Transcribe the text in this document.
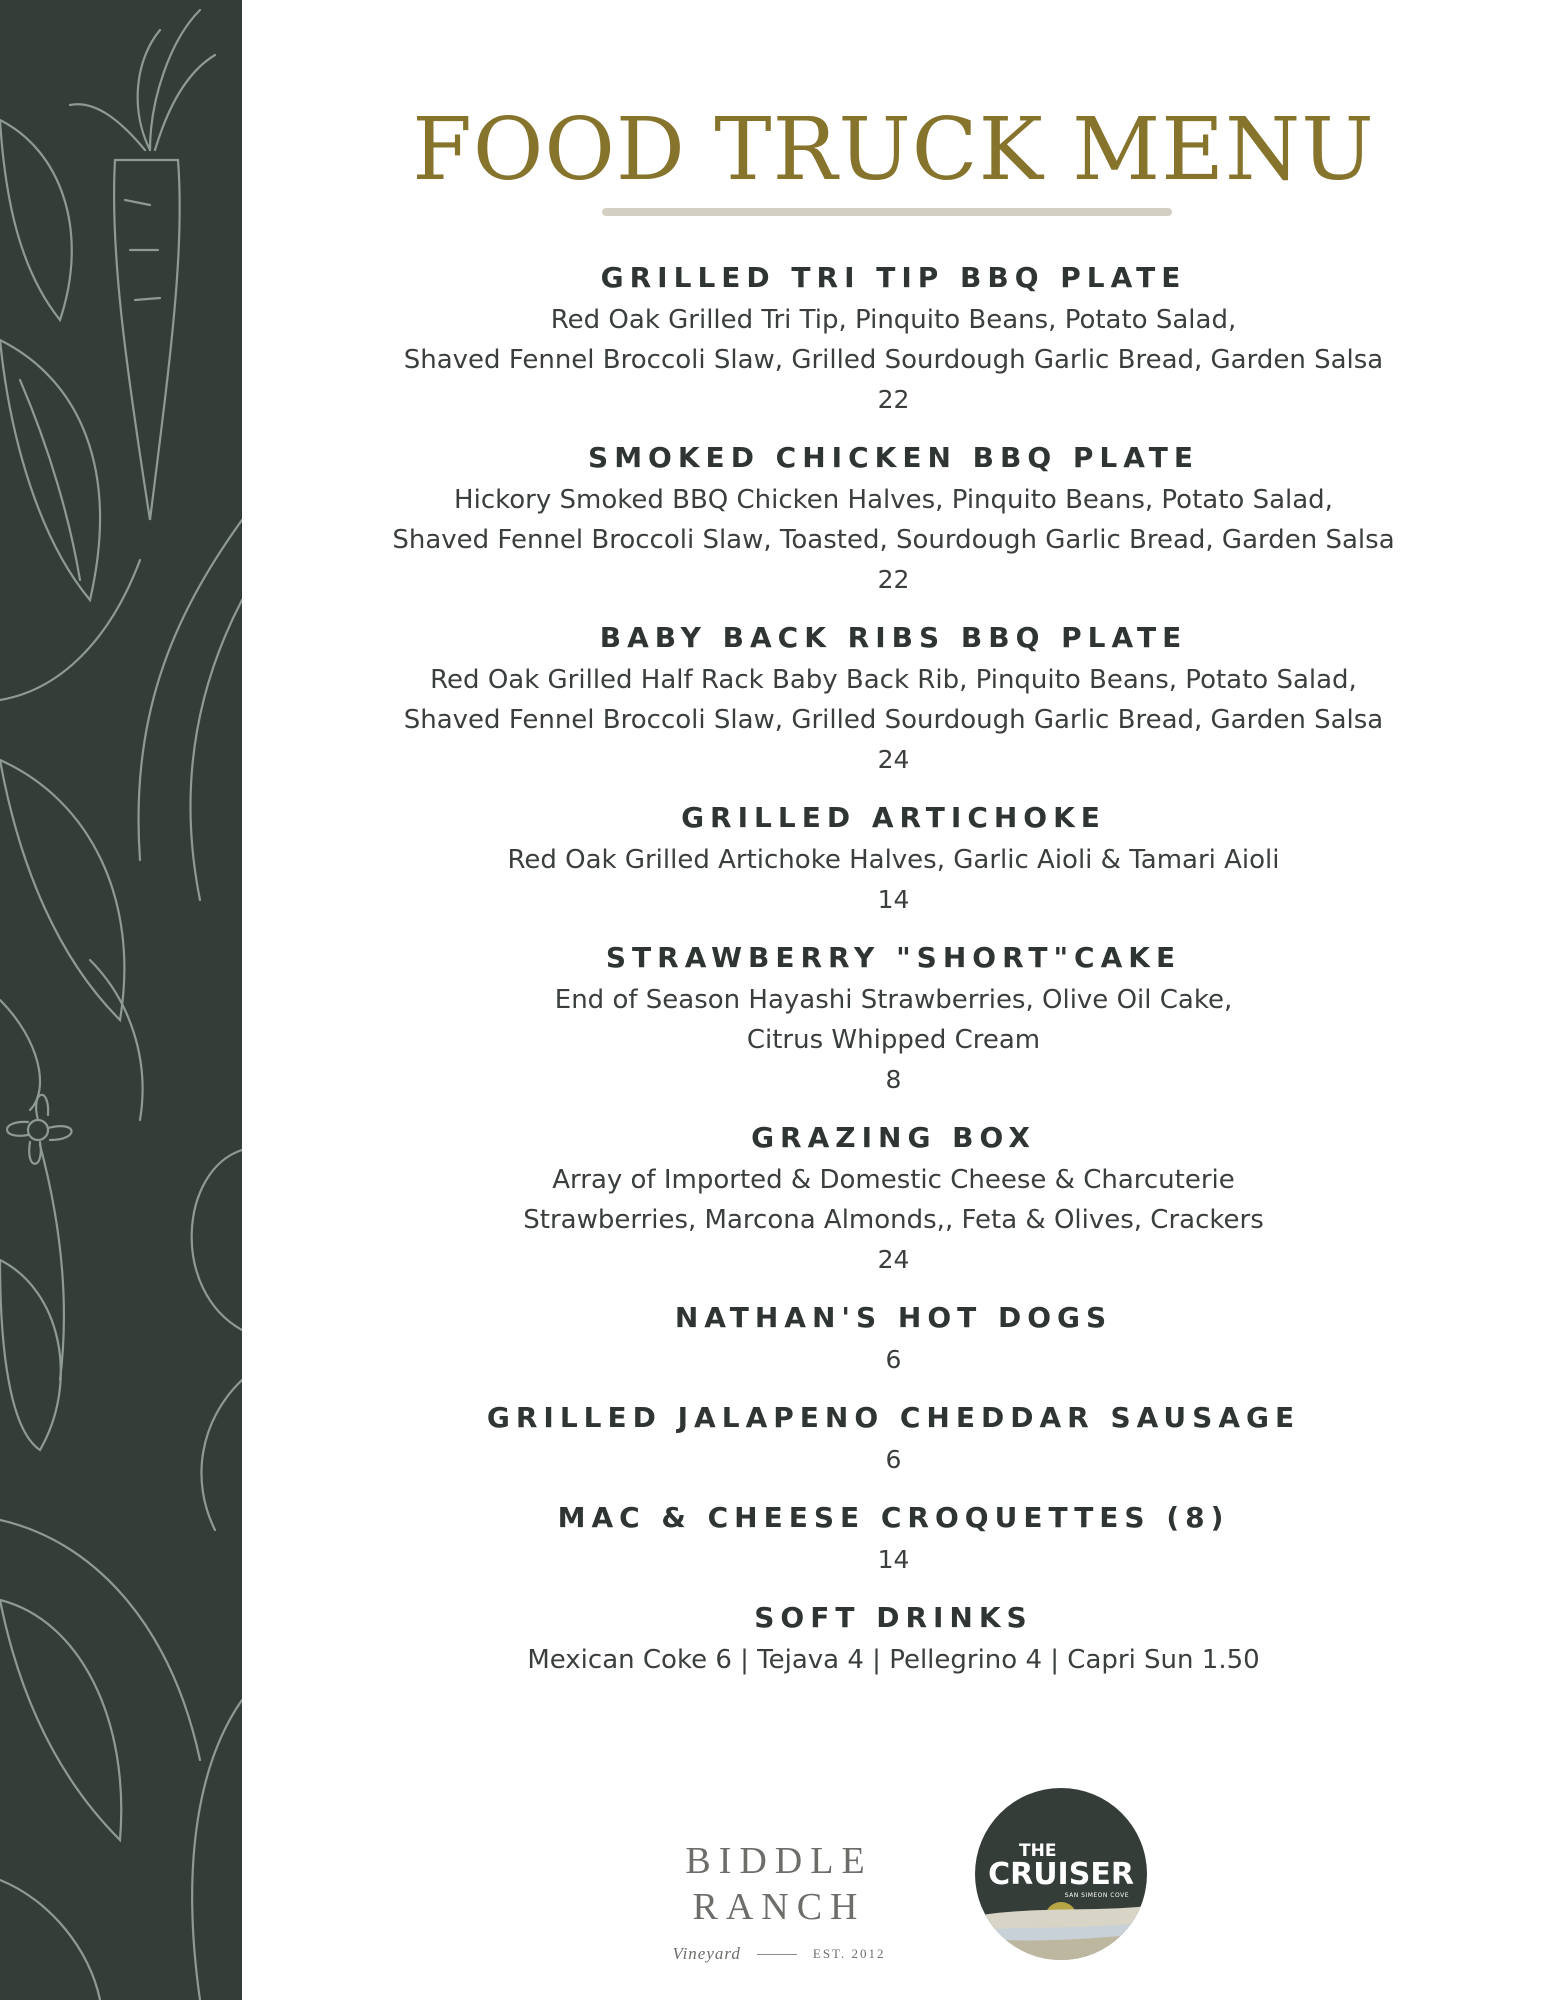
FOOD TRUCK MENU
GRILLED TRI TIP BBQ PLATE
Red Oak Grilled Tri Tip, Pinquito Beans, Potato Salad,
Shaved Fennel Broccoli Slaw, Grilled Sourdough Garlic Bread, Garden Salsa
22
SMOKED CHICKEN BBQ PLATE
Hickory Smoked BBQ Chicken Halves, Pinquito Beans, Potato Salad,
Shaved Fennel Broccoli Slaw, Toasted, Sourdough Garlic Bread, Garden Salsa
22
BABY BACK RIBS BBQ PLATE
Red Oak Grilled Half Rack Baby Back Rib, Pinquito Beans, Potato Salad,
Shaved Fennel Broccoli Slaw, Grilled Sourdough Garlic Bread, Garden Salsa
24
GRILLED ARTICHOKE
Red Oak Grilled Artichoke Halves, Garlic Aioli & Tamari Aioli
14
STRAWBERRY "SHORT"CAKE
End of Season Hayashi Strawberries, Olive Oil Cake,
Citrus Whipped Cream
8
GRAZING BOX
Array of Imported & Domestic Cheese & Charcuterie
Strawberries, Marcona Almonds,, Feta & Olives, Crackers
24
NATHAN'S HOT DOGS
6
GRILLED JALAPENO CHEDDAR SAUSAGE
6
MAC & CHEESE CROQUETTES (8)
14
SOFT DRINKS
Mexican Coke 6 | Tejava 4 | Pellegrino 4 | Capri Sun 1.50
BIDDLE RANCH
Vineyard	EST. 2012
THE
CRUISER
SAN SIMEON COVE
